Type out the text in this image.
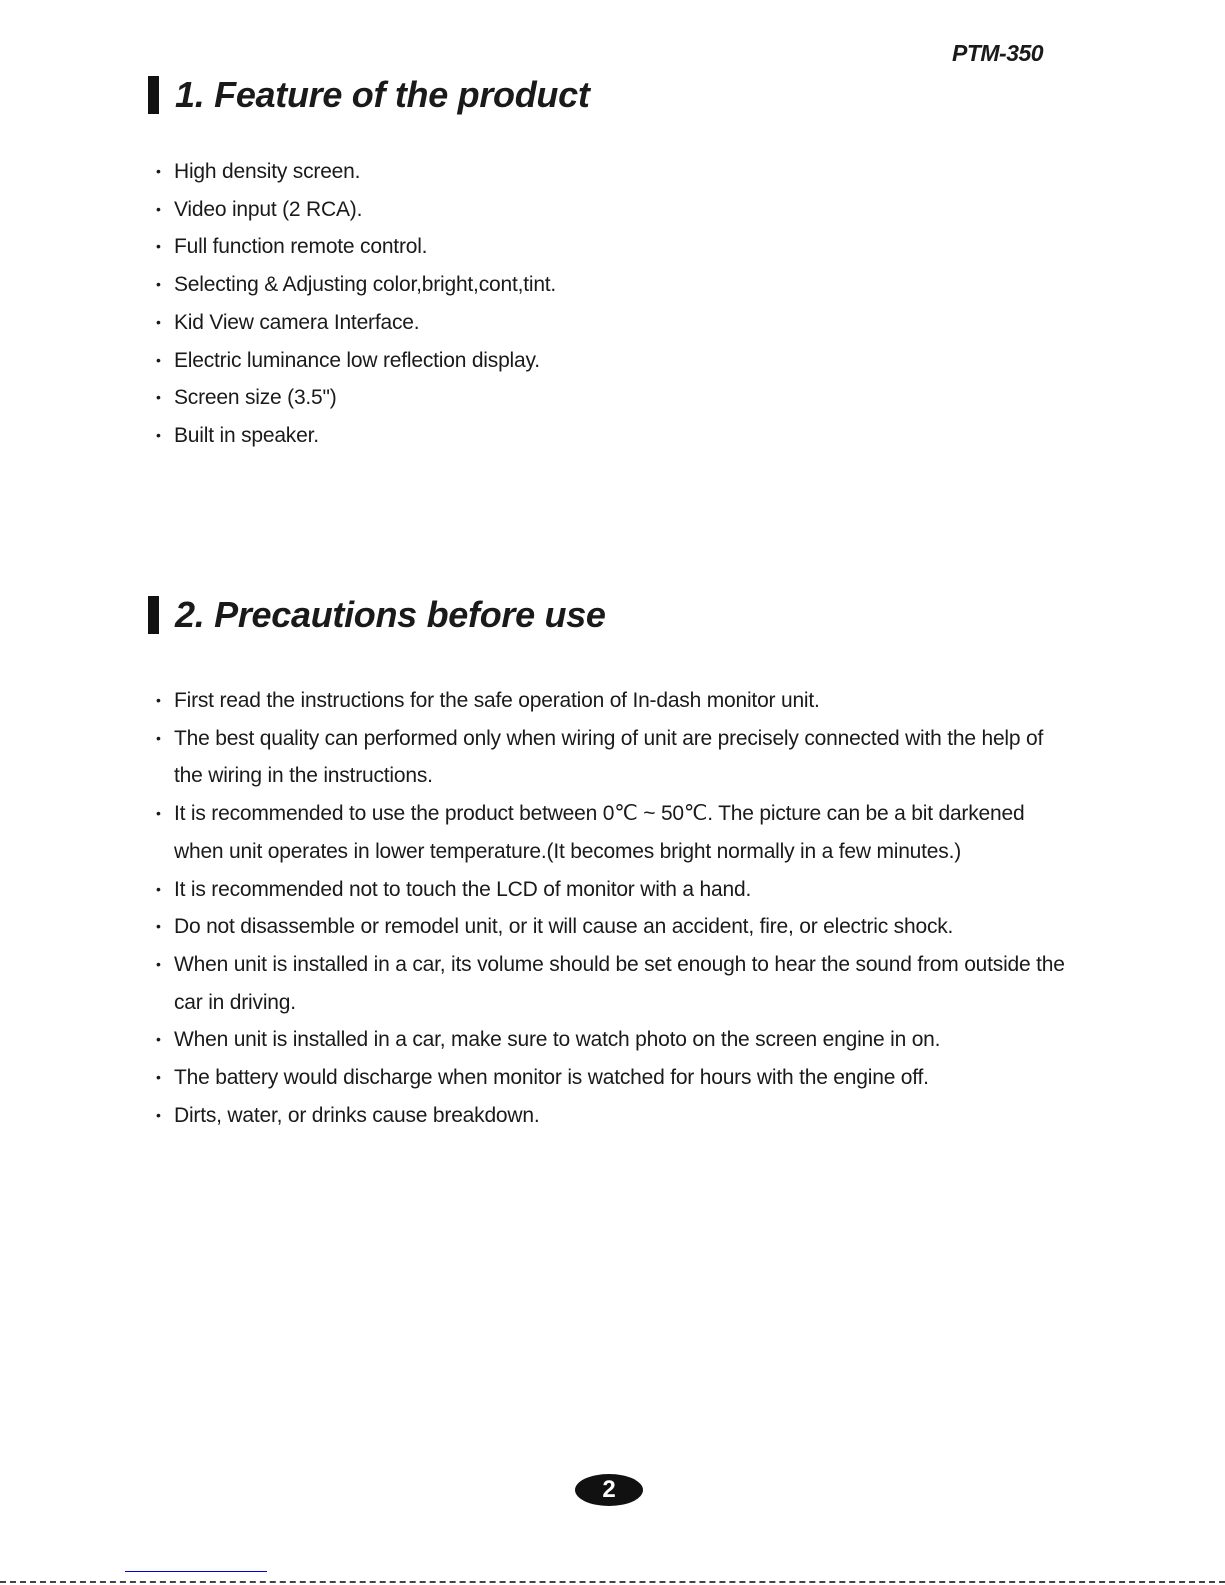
PTM-350
1. Feature of the product
• High density screen.
• Video input (2 RCA).
• Full function remote control.
• Selecting & Adjusting color,bright,cont,tint.
• Kid View camera Interface.
• Electric luminance low reflection display.
• Screen size (3.5")
• Built in speaker.
2. Precautions before use
• First read the instructions for the safe operation of In-dash monitor unit.
• The best quality can performed only when wiring of unit are precisely connected with the help of the wiring in the instructions.
• It is recommended to use the product between 0℃ ~ 50℃. The picture can be a bit darkened when unit operates in lower temperature.(It becomes bright normally in a few minutes.)
• It is recommended not to touch the LCD of monitor with a hand.
• Do not disassemble or remodel unit, or it will cause an accident, fire, or electric shock.
• When unit is installed in a car, its volume should be set enough to hear the sound from outside the car in driving.
• When unit is installed in a car, make sure to watch photo on the screen engine in on.
• The battery would discharge when monitor is watched for hours with the engine off.
• Dirts, water, or drinks cause breakdown.
2
